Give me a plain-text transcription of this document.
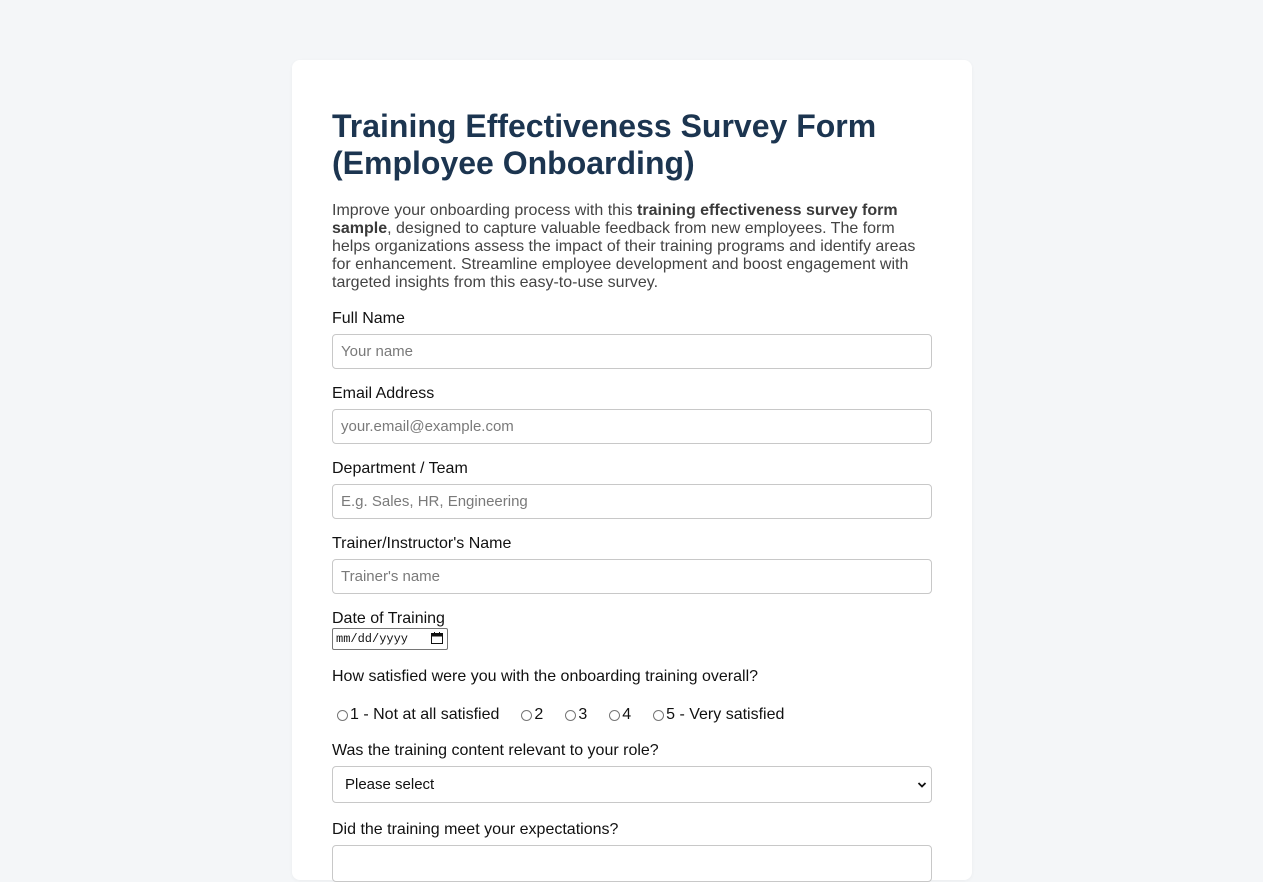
Training Effectiveness Survey Form (Employee Onboarding)

Improve your onboarding process with this training effectiveness survey form sample, designed to capture valuable feedback from new employees. The form helps organizations assess the impact of their training programs and identify areas for enhancement. Streamline employee development and boost engagement with targeted insights from this easy-to-use survey.

Full Name
Your name
Email Address
your.email@example.com
Department / Team
E.g. Sales, HR, Engineering
Trainer/Instructor's Name
Trainer's name
Date of Training
mm/dd/yyyy
How satisfied were you with the onboarding training overall?
1 - Not at all satisfied 2 3 4 5 - Very satisfied
Was the training content relevant to your role?
Please select
Did the training meet your expectations?
